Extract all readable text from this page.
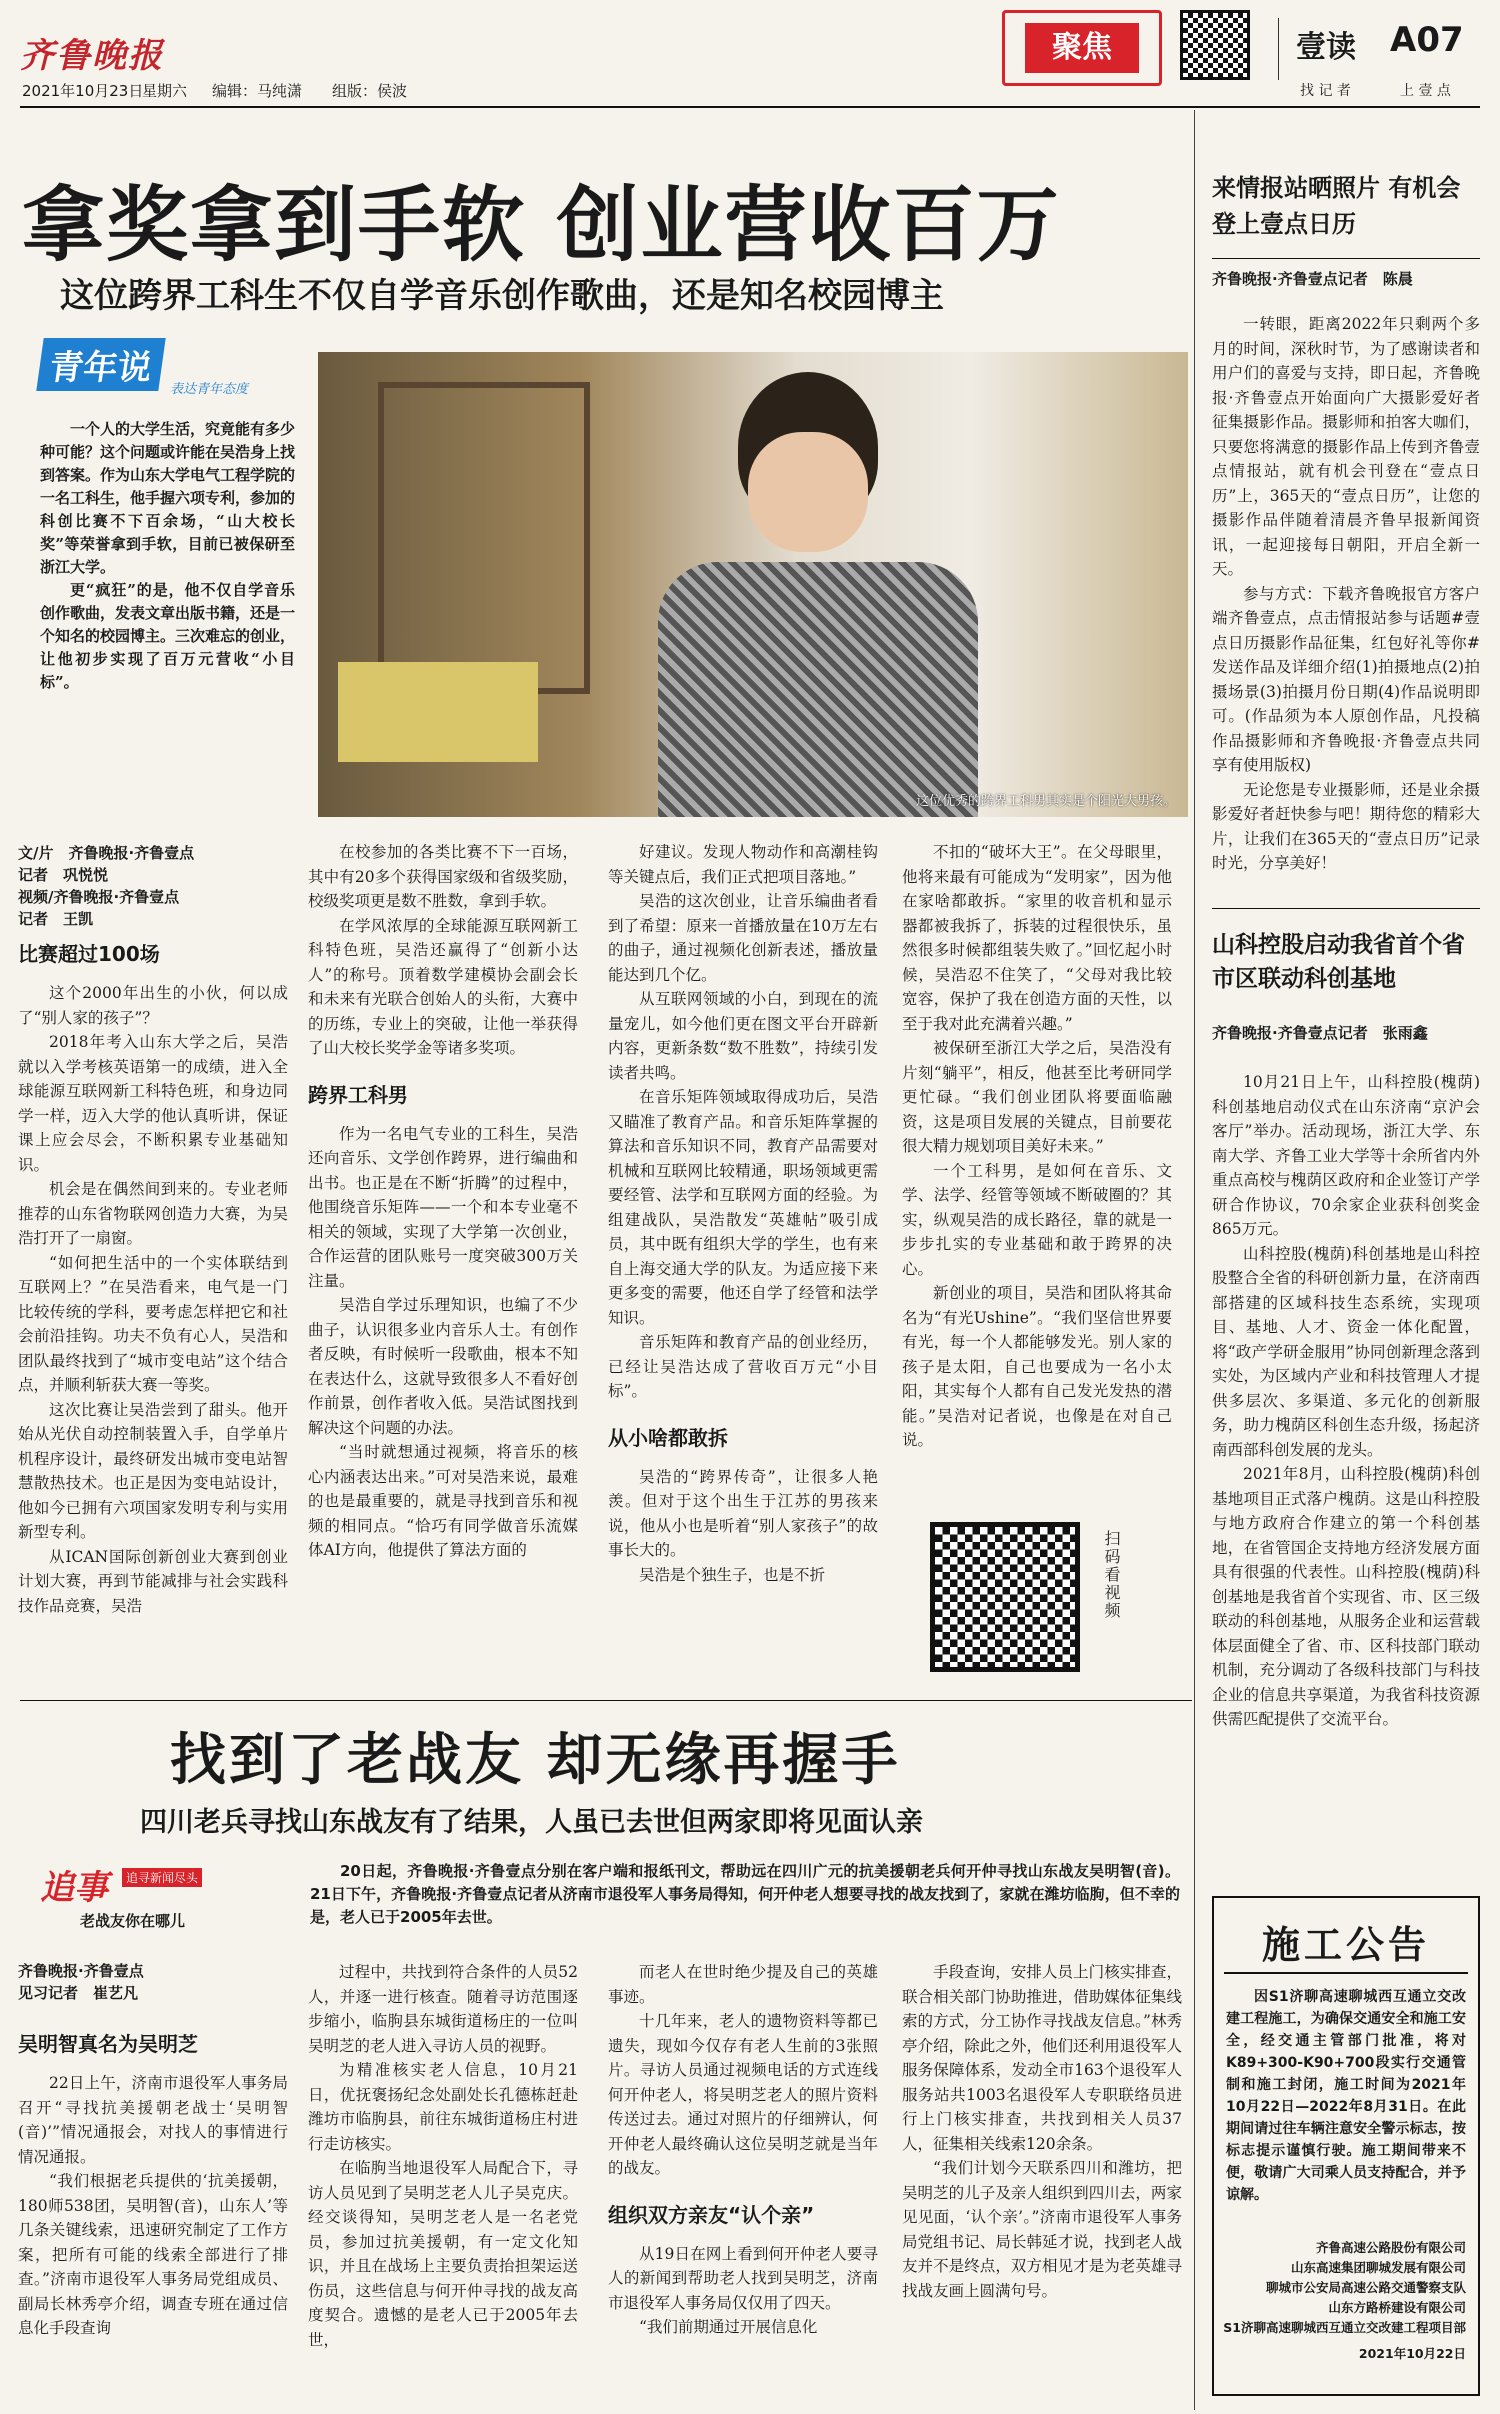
齐鲁晚报
2021年10月23日
星期六 编辑：马纯潇 组版：侯波
聚焦	壹读 A07
找 记 者	上 壹 点
拿奖拿到手软 创业营收百万
这位跨界工科生不仅自学音乐创作歌曲，还是知名校园博主
青年说
表达青年态度

一个人的大学生活，究竟能有多少种可能？这个问题或许能在吴浩身上找到答案。作为山东大学电气工程学院的一名工科生，他手握六项专利，参加的科创比赛不下百余场，“山大校长奖”等荣誉拿到手软，目前已被保研至浙江大学。

更“疯狂”的是，他不仅自学音乐创作歌曲，发表文章出版书籍，还是一个知名的校园博主。三次难忘的创业，让他初步实现了百万元营收“小目标”。

这位优秀的跨界工科男其实是个阳光大男孩。
文/片　齐鲁晚报·齐鲁壹点
记者　巩悦悦
视频/齐鲁晚报·齐鲁壹点
记者　王凯
比赛超过100场

这个2000年出生的小伙，何以成了“别人家的孩子”？

2018年考入山东大学之后，吴浩就以入学考核英语第一的成绩，进入全球能源互联网新工科特色班，和身边同学一样，迈入大学的他认真听讲，保证课上应会尽会，不断积累专业基础知识。

机会是在偶然间到来的。专业老师推荐的山东省物联网创造力大赛，为吴浩打开了一扇窗。

“如何把生活中的一个实体联结到互联网上？”在吴浩看来，电气是一门比较传统的学科，要考虑怎样把它和社会前沿挂钩。功夫不负有心人，吴浩和团队最终找到了“城市变电站”这个结合点，并顺利斩获大赛一等奖。

这次比赛让吴浩尝到了甜头。他开始从光伏自动控制装置入手，自学单片机程序设计，最终研发出城市变电站智慧散热技术。也正是因为变电站设计，他如今已拥有六项国家发明专利与实用新型专利。

从ICAN国际创新创业大赛到创业计划大赛，再到节能减排与社会实践科技作品竞赛，吴浩

在校参加的各类比赛不下一百场，其中有20多个获得国家级和省级奖励，校级奖项更是数不胜数，拿到手软。

在学风浓厚的全球能源互联网新工科特色班，吴浩还赢得了“创新小达人”的称号。顶着数学建模协会副会长和未来有光联合创始人的头衔，大赛中的历练，专业上的突破，让他一举获得了山大校长奖学金等诸多奖项。

跨界工科男

作为一名电气专业的工科生，吴浩还向音乐、文学创作跨界，进行编曲和出书。也正是在不断“折腾”的过程中，他围绕音乐矩阵——一个和本专业毫不相关的领域，实现了大学第一次创业，合作运营的团队账号一度突破300万关注量。

吴浩自学过乐理知识，也编了不少曲子，认识很多业内音乐人士。有创作者反映，有时候听一段歌曲，根本不知在表达什么，这就导致很多人不看好创作前景，创作者收入低。吴浩试图找到解决这个问题的办法。

“当时就想通过视频，将音乐的核心内涵表达出来。”可对吴浩来说，最难的也是最重要的，就是寻找到音乐和视频的相同点。“恰巧有同学做音乐流媒体AI方向，他提供了算法方面的

好建议。发现人物动作和高潮桂钩等关键点后，我们正式把项目落地。”

吴浩的这次创业，让音乐编曲者看到了希望：原来一首播放量在10万左右的曲子，通过视频化创新表述，播放量能达到几个亿。

从互联网领域的小白，到现在的流量宠儿，如今他们更在图文平台开辟新内容，更新条数“数不胜数”，持续引发读者共鸣。

在音乐矩阵领域取得成功后，吴浩又瞄准了教育产品。和音乐矩阵掌握的算法和音乐知识不同，教育产品需要对机械和互联网比较精通，职场领域更需要经管、法学和互联网方面的经验。为组建战队，吴浩散发“英雄帖”吸引成员，其中既有组织大学的学生，也有来自上海交通大学的队友。为适应接下来更多变的需要，他还自学了经管和法学知识。

音乐矩阵和教育产品的创业经历，已经让吴浩达成了营收百万元“小目标”。

从小啥都敢拆

吴浩的“跨界传奇”，让很多人艳羡。但对于这个出生于江苏的男孩来说，他从小也是听着“别人家孩子”的故事长大的。

吴浩是个独生子，也是不折

不扣的“破坏大王”。在父母眼里，他将来最有可能成为“发明家”，因为他在家啥都敢拆。“家里的收音机和显示器都被我拆了，拆装的过程很快乐，虽然很多时候都组装失败了。”回忆起小时候，吴浩忍不住笑了，“父母对我比较宽容，保护了我在创造方面的天性，以至于我对此充满着兴趣。”

被保研至浙江大学之后，吴浩没有片刻“躺平”，相反，他甚至比考研同学更忙碌。“我们创业团队将要面临融资，这是项目发展的关键点，目前要花很大精力规划项目美好未来。”

一个工科男，是如何在音乐、文学、法学、经管等领域不断破圈的？其实，纵观吴浩的成长路径，靠的就是一步步扎实的专业基础和敢于跨界的决心。

新创业的项目，吴浩和团队将其命名为“有光Ushine”。“我们坚信世界要有光，每一个人都能够发光。别人家的孩子是太阳，自己也要成为一名小太阳，其实每个人都有自己发光发热的潜能。”吴浩对记者说，也像是在对自己说。

扫码看视频
来情报站晒照片 有机会登上壹点日历
齐鲁晚报·齐鲁壹点记者　陈晨

一转眼，距离2022年只剩两个多月的时间，深秋时节，为了感谢读者和用户们的喜爱与支持，即日起，齐鲁晚报·齐鲁壹点开始面向广大摄影爱好者征集摄影作品。摄影师和拍客大咖们，只要您将满意的摄影作品上传到齐鲁壹点情报站，就有机会刊登在“壹点日历”上，365天的“壹点日历”，让您的摄影作品伴随着清晨齐鲁早报新闻资讯，一起迎接每日朝阳，开启全新一天。

参与方式：下载齐鲁晚报官方客户端齐鲁壹点，点击情报站参与话题#壹点日历摄影作品征集，红包好礼等你#发送作品及详细介绍(1)拍摄地点(2)拍摄场景(3)拍摄月份日期(4)作品说明即可。(作品须为本人原创作品，凡投稿作品摄影师和齐鲁晚报·齐鲁壹点共同享有使用版权)

无论您是专业摄影师，还是业余摄影爱好者赶快参与吧！期待您的精彩大片，让我们在365天的“壹点日历”记录时光，分享美好！

山科控股启动我省首个省市区联动科创基地
齐鲁晚报·齐鲁壹点记者　张雨鑫

10月21日上午，山科控股(槐荫)科创基地启动仪式在山东济南“京沪会客厅”举办。活动现场，浙江大学、东南大学、齐鲁工业大学等十余所省内外重点高校与槐荫区政府和企业签订产学研合作协议，70余家企业获科创奖金865万元。

山科控股(槐荫)科创基地是山科控股整合全省的科研创新力量，在济南西部搭建的区域科技生态系统，实现项目、基地、人才、资金一体化配置，将“政产学研金服用”协同创新理念落到实处，为区域内产业和科技管理人才提供多层次、多渠道、多元化的创新服务，助力槐荫区科创生态升级，扬起济南西部科创发展的龙头。

2021年8月，山科控股(槐荫)科创基地项目正式落户槐荫。这是山科控股与地方政府合作建立的第一个科创基地，在省管国企支持地方经济发展方面具有很强的代表性。山科控股(槐荫)科创基地是我省首个实现省、市、区三级联动的科创基地，从服务企业和运营载体层面健全了省、市、区科技部门联动机制，充分调动了各级科技部门与科技企业的信息共享渠道，为我省科技资源供需匹配提供了交流平台。

施工公告
因S1济聊高速聊城西互通立交改建工程施工，为确保交通安全和施工安全，经交通主管部门批准，将对K89+300-K90+700段实行交通管制和施工封闭，施工时间为2021年10月22日—2022年8月31日。在此期间请过往车辆注意安全警示标志，按标志提示谨慎行驶。施工期间带来不便，敬请广大司乘人员支持配合，并予谅解。
齐鲁高速公路股份有限公司
山东高速集团聊城发展有限公司
聊城市公安局高速公路交通警察支队
山东方路桥建设有限公司
S1济聊高速聊城西互通立交改建工程项目部
2021年10月22日
找到了老战友 却无缘再握手
四川老兵寻找山东战友有了结果，人虽已去世但两家即将见面认亲
追事	追寻新闻尽头
老战友你在哪儿
20日起，齐鲁晚报·齐鲁壹点分别在客户端和报纸刊文，帮助远在四川广元的抗美援朝老兵何开仲寻找山东战友吴明智(音)。21日下午，齐鲁晚报·齐鲁壹点记者从济南市退役军人事务局得知，何开仲老人想要寻找的战友找到了，家就在潍坊临朐，但不幸的是，老人已于2005年去世。
齐鲁晚报·齐鲁壹点
见习记者　崔艺凡
吴明智真名为吴明芝

22日上午，济南市退役军人事务局召开“寻找抗美援朝老战士‘吴明智(音)’”情况通报会，对找人的事情进行情况通报。

“我们根据老兵提供的‘抗美援朝，180师538团，吴明智(音)，山东人’等几条关键线索，迅速研究制定了工作方案，把所有可能的线索全部进行了排查。”济南市退役军人事务局党组成员、副局长林秀亭介绍，调查专班在通过信息化手段查询

过程中，共找到符合条件的人员52人，并逐一进行核查。随着寻访范围逐步缩小，临朐县东城街道杨庄的一位叫吴明芝的老人进入寻访人员的视野。

为精准核实老人信息，10月21日，优抚褒扬纪念处副处长孔德栋赶赴潍坊市临朐县，前往东城街道杨庄村进行走访核实。

在临朐当地退役军人局配合下，寻访人员见到了吴明芝老人儿子吴克庆。经交谈得知，吴明芝老人是一名老党员，参加过抗美援朝，有一定文化知识，并且在战场上主要负责抬担架运送伤员，这些信息与何开仲寻找的战友高度契合。遗憾的是老人已于2005年去世，

而老人在世时绝少提及自己的英雄事迹。

十几年来，老人的遗物资料等都已遗失，现如今仅存有老人生前的3张照片。寻访人员通过视频电话的方式连线何开仲老人，将吴明芝老人的照片资料传送过去。通过对照片的仔细辨认，何开仲老人最终确认这位吴明芝就是当年的战友。

组织双方亲友“认个亲”

从19日在网上看到何开仲老人要寻人的新闻到帮助老人找到吴明芝，济南市退役军人事务局仅仅用了四天。

“我们前期通过开展信息化

手段查询，安排人员上门核实排查，联合相关部门协助推进，借助媒体征集线索的方式，分工协作寻找战友信息。”林秀亭介绍，除此之外，他们还利用退役军人服务保障体系，发动全市163个退役军人服务站共1003名退役军人专职联络员进行上门核实排查，共找到相关人员37人，征集相关线索120余条。

“我们计划今天联系四川和潍坊，把吴明芝的儿子及亲人组织到四川去，两家见见面，‘认个亲’。”济南市退役军人事务局党组书记、局长韩延才说，找到老人战友并不是终点，双方相见才是为老英雄寻找战友画上圆满句号。
